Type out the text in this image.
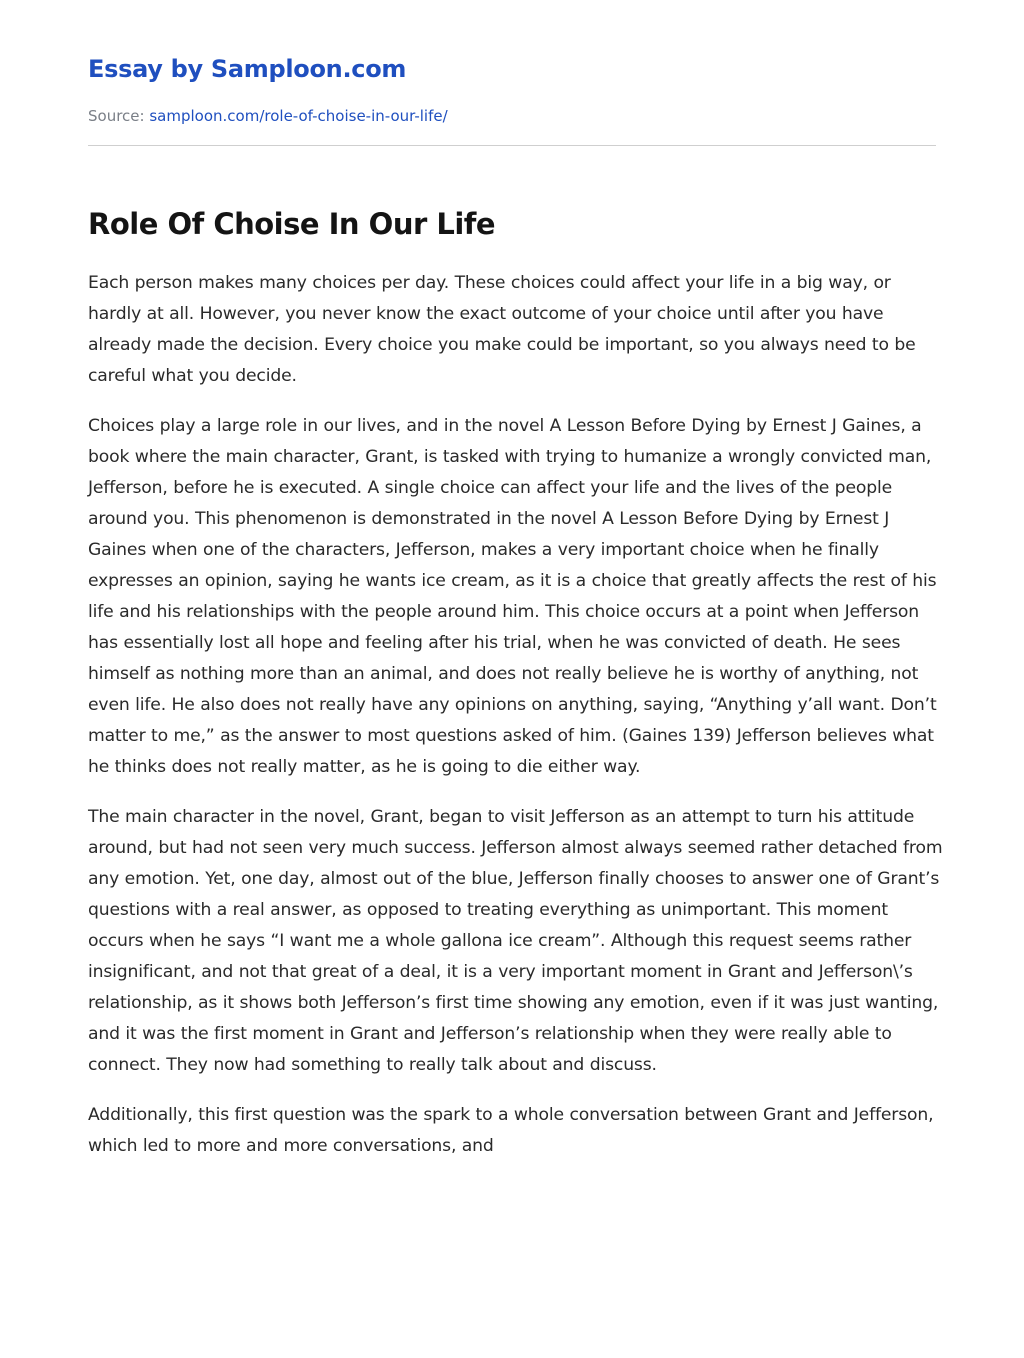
Essay by Samploon.com
Source: samploon.com/role-of-choise-in-our-life/
Role Of Choise In Our Life

Each person makes many choices per day. These choices could affect your life in a big way, or hardly at all. However, you never know the exact outcome of your choice until after you have already made the decision. Every choice you make could be important, so you always need to be careful what you decide.

Choices play a large role in our lives, and in the novel A Lesson Before Dying by Ernest J Gaines, a book where the main character, Grant, is tasked with trying to humanize a wrongly convicted man, Jefferson, before he is executed. A single choice can affect your life and the lives of the people around you. This phenomenon is demonstrated in the novel A Lesson Before Dying by Ernest J Gaines when one of the characters, Jefferson, makes a very important choice when he finally expresses an opinion, saying he wants ice cream, as it is a choice that greatly affects the rest of his life and his relationships with the people around him. This choice occurs at a point when Jefferson has essentially lost all hope and feeling after his trial, when he was convicted of death. He sees himself as nothing more than an animal, and does not really believe he is worthy of anything, not even life. He also does not really have any opinions on anything, saying, “Anything y’all want. Don’t matter to me,” as the answer to most questions asked of him. (Gaines 139) Jefferson believes what he thinks does not really matter, as he is going to die either way.

The main character in the novel, Grant, began to visit Jefferson as an attempt to turn his attitude around, but had not seen very much success. Jefferson almost always seemed rather detached from any emotion. Yet, one day, almost out of the blue, Jefferson finally chooses to answer one of Grant’s questions with a real answer, as opposed to treating everything as unimportant. This moment occurs when he says “I want me a whole gallona ice cream”. Although this request seems rather insignificant, and not that great of a deal, it is a very important moment in Grant and Jefferson\’s relationship, as it shows both Jefferson’s first time showing any emotion, even if it was just wanting, and it was the first moment in Grant and Jefferson’s relationship when they were really able to connect. They now had something to really talk about and discuss.

Additionally, this first question was the spark to a whole conversation between Grant and Jefferson, which led to more and more conversations, and
